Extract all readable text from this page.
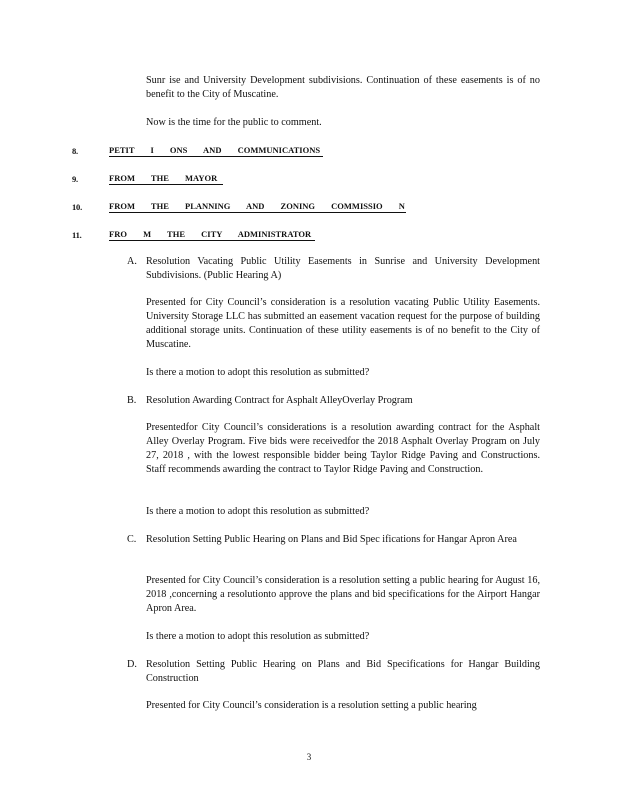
Sunr ise and University Development subdivisions. Continuation of these easements is of no benefit to the City of Muscatine.
Now is the time for the public to comment.
8.	PETIT I ONS AND COMMUNICATIONS
9.	FROM THE MAYOR
10.	FROM THE PLANNING AND ZONING COMMISSIO N
11.	FRO M THE CITY ADMINISTRATOR
A. Resolution Vacating Public Utility Easements in Sunrise and University Development Subdivisions. (Public Hearing A)
Presented for City Council’s consideration is a resolution vacating Public Utility Easements. University Storage LLC has submitted an easement vacation request for the purpose of building additional storage units. Continuation of these utility easements is of no benefit to the City of Muscatine.
Is there a motion to adopt this resolution as submitted?
B. Resolution Awarding Contract for Asphalt AlleyOverlay Program
Presentedfor City Council’s considerations is a resolution awarding contract for the Asphalt Alley Overlay Program. Five bids were receivedfor the 2018 Asphalt Overlay Program on July 27, 2018 , with the lowest responsible bidder being Taylor Ridge Paving and Constructions. Staff recommends awarding the contract to Taylor Ridge Paving and Construction.
Is there a motion to adopt this resolution as submitted?
C. Resolution Setting Public Hearing on Plans and Bid Spec ifications for Hangar Apron Area
Presented for City Council’s consideration is a resolution setting a public hearing for August 16, 2018 ,concerning a resolutionto approve the plans and bid specifications for the Airport Hangar Apron Area.
Is there a motion to adopt this resolution as submitted?
D. Resolution Setting Public Hearing on Plans and Bid Specifications for Hangar Building Construction
Presented for City Council’s consideration is a resolution setting a public hearing
3
